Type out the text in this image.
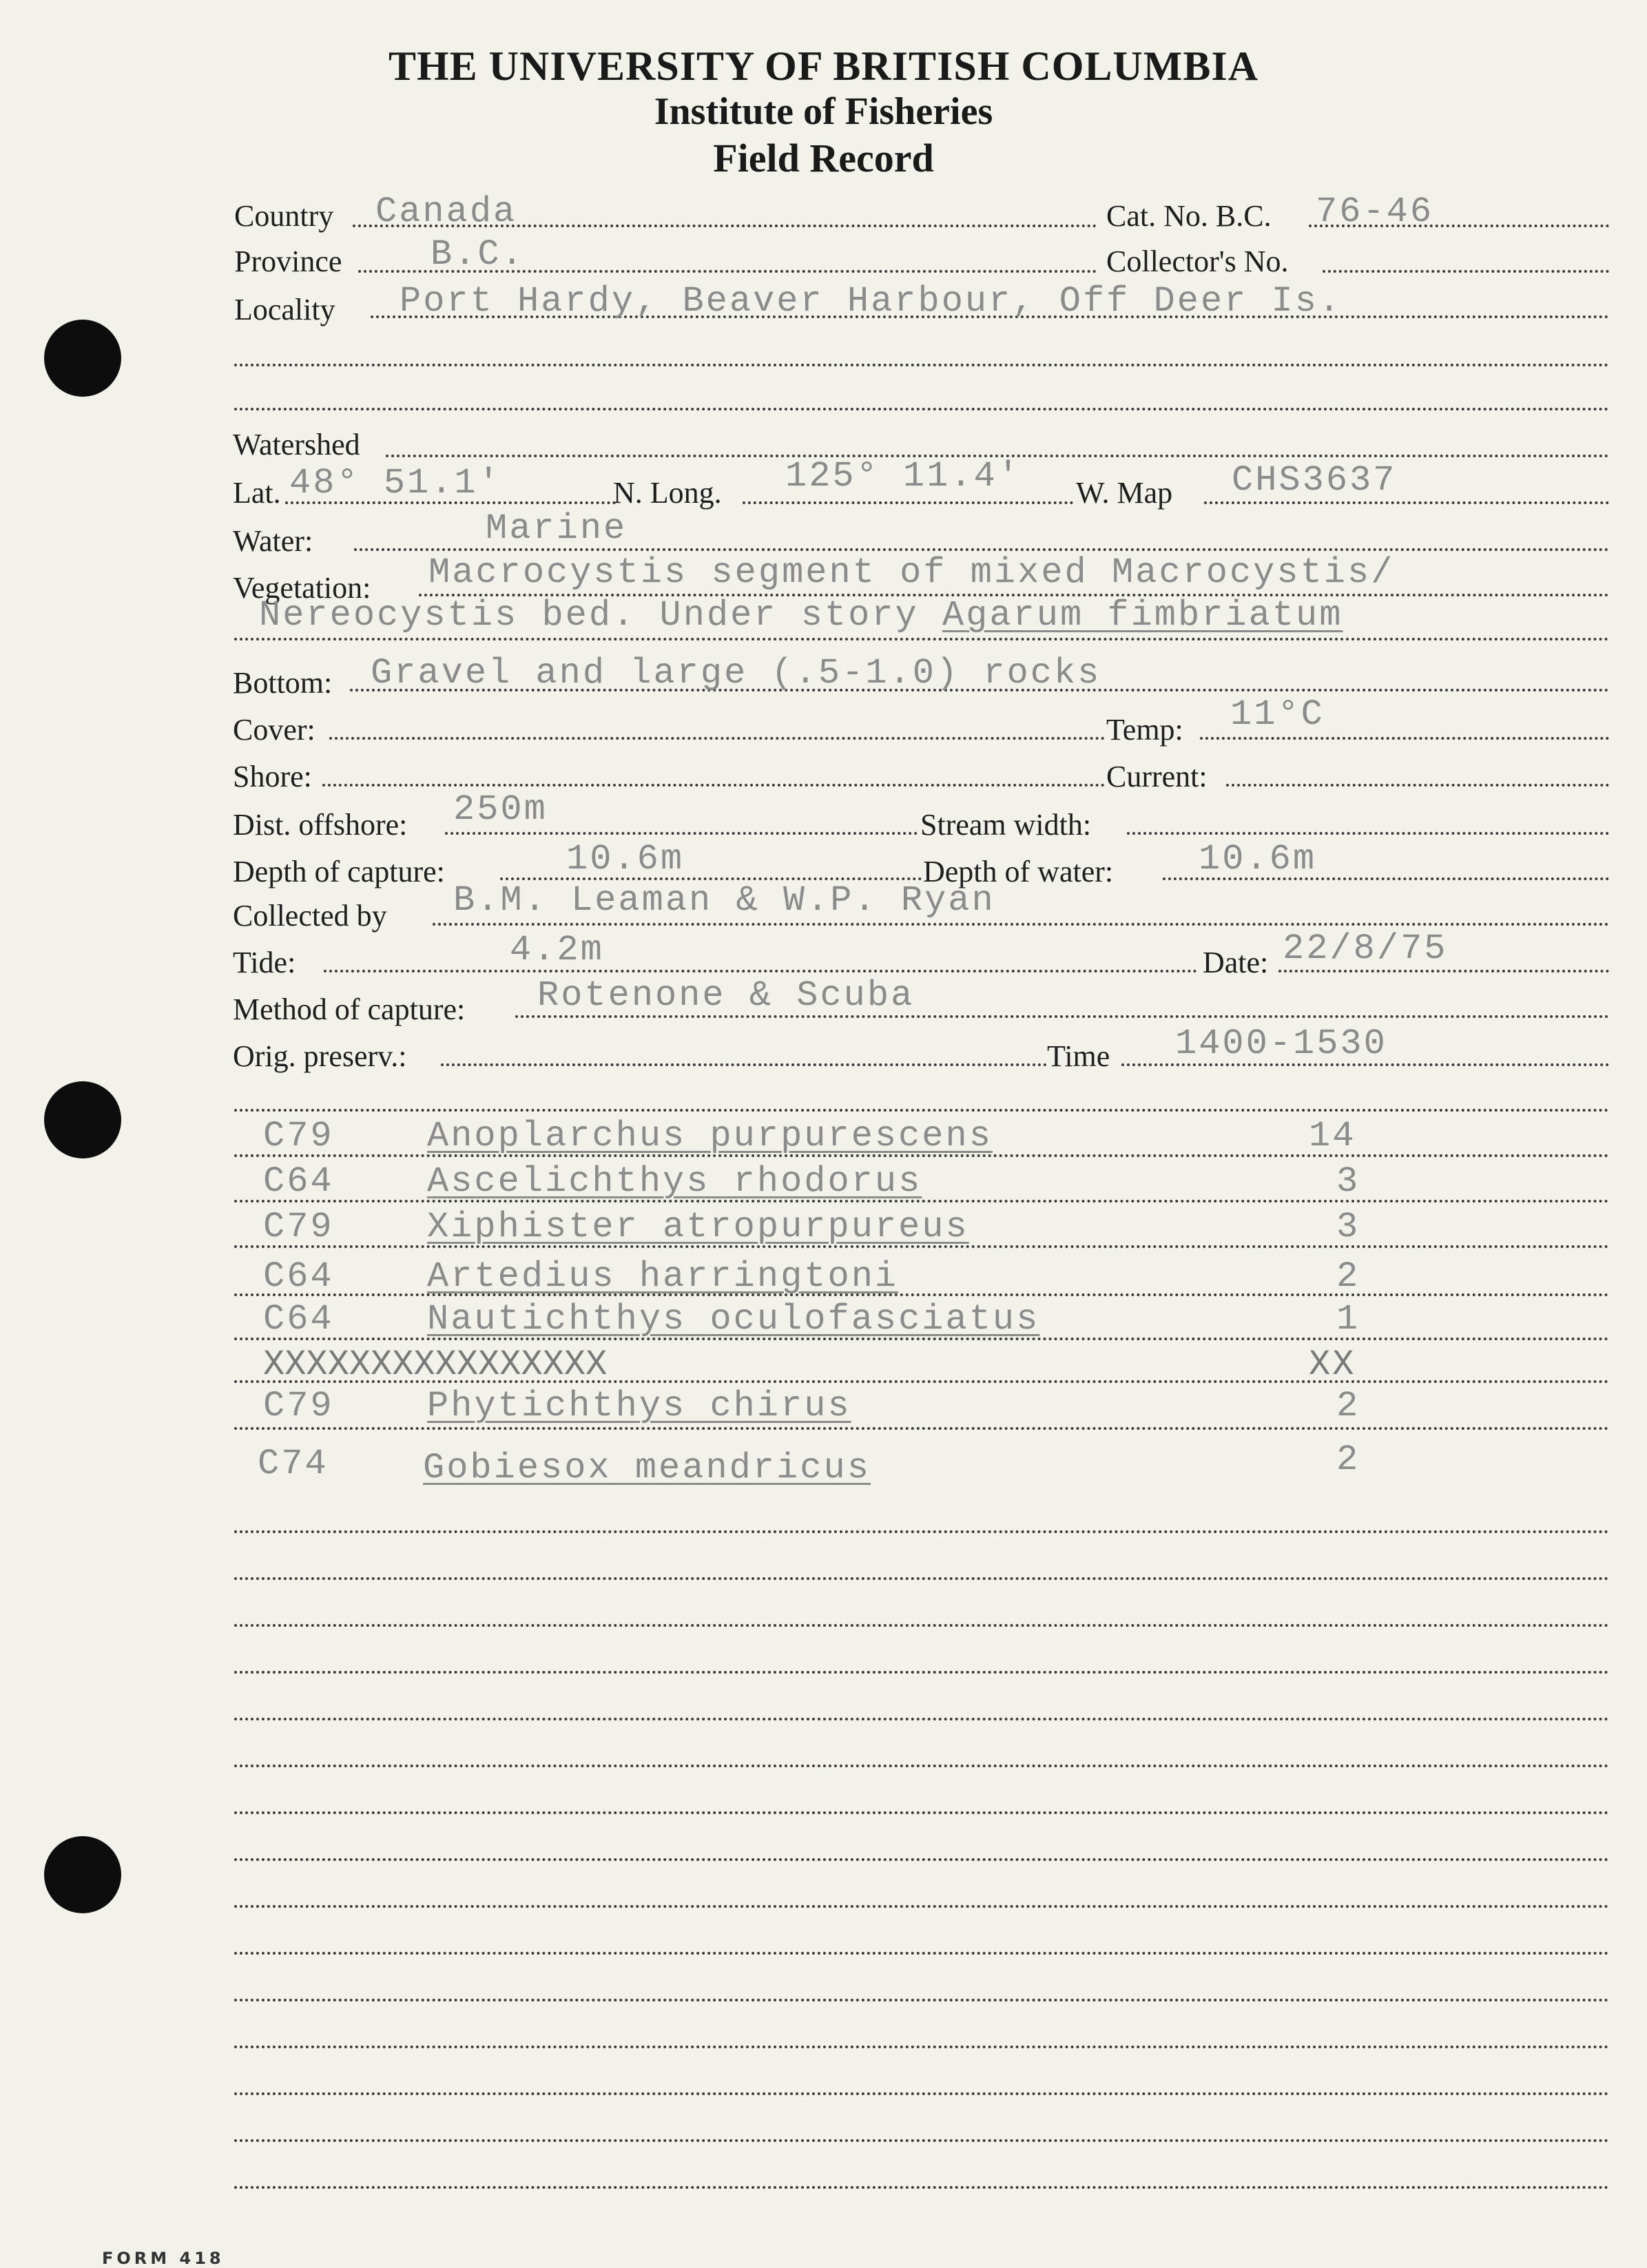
THE UNIVERSITY OF BRITISH COLUMBIA
Institute of Fisheries
Field Record
Country Canada	Cat. No. B.C. 76-46
Province B.C.	Collector's No.
Locality Port Hardy, Beaver Harbour, Off Deer Is.
Watershed
Lat. 48° 51.1'	N. Long. 125° 11.4' W. Map CHS3637
Water:	Marine
Vegetation: Macrocystis segment of mixed Macrocystis/
Nereocystis bed. Under story Agarum fimbriatum
Bottom: Gravel and large (.5-1.0) rocks
Cover:	Temp: 11°C
Shore:	Current:
Dist. offshore: 250m	Stream width:
Depth of capture:	10.6m	Depth of water: 10.6m
Collected by B.M. Leaman & W.P. Ryan
Tide:	4.2m	Date: 22/8/75
Method of capture: Rotenone & Scuba
Orig. preserv.:	Time 1400-1530
C79	Anoplarchus purpurescens	14
C64	Ascelichthys rhodorus	3
C79	Xiphister atropurpureus	3
C64	Artedius harringtoni	2
C64	Nautichthys oculofasciatus	1
XXXXXXXXXXXXXXXX	XX
C79	Phytichthys chirus	2
C74	Gobiesox meandricus	2
FORM 418
